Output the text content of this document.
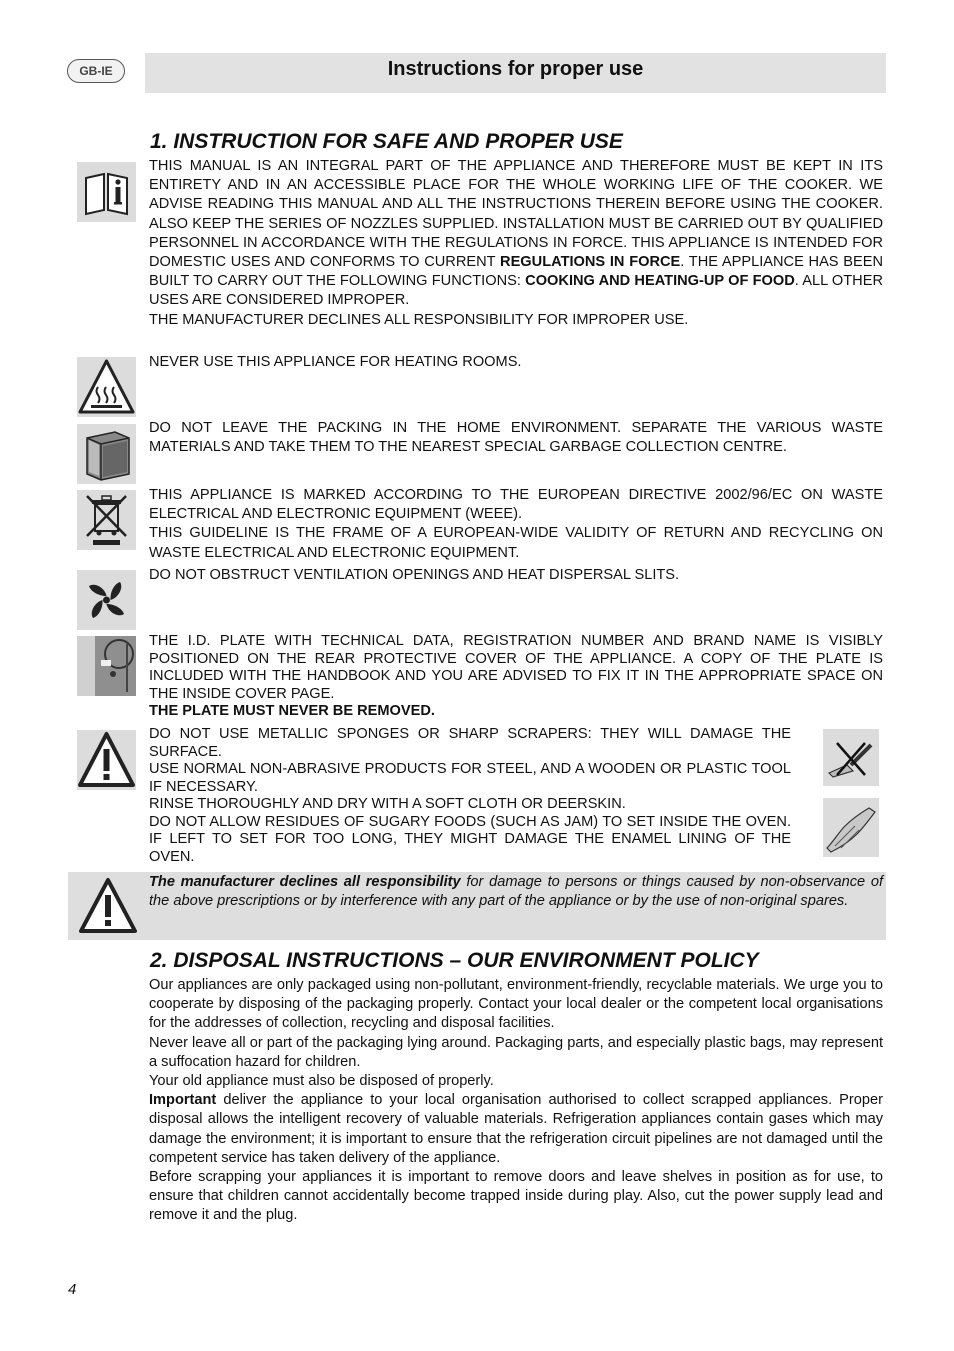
GB-IE	Instructions for proper use
1. INSTRUCTION FOR SAFE AND PROPER USE

THIS MANUAL IS AN INTEGRAL PART OF THE APPLIANCE AND THEREFORE MUST BE KEPT IN ITS ENTIRETY AND IN AN ACCESSIBLE PLACE FOR THE WHOLE WORKING LIFE OF THE COOKER. WE ADVISE READING THIS MANUAL AND ALL THE INSTRUCTIONS THEREIN BEFORE USING THE COOKER. ALSO KEEP THE SERIES OF NOZZLES SUPPLIED. INSTALLATION MUST BE CARRIED OUT BY QUALIFIED PERSONNEL IN ACCORDANCE WITH THE REGULATIONS IN FORCE. THIS APPLIANCE IS INTENDED FOR DOMESTIC USES AND CONFORMS TO CURRENT REGULATIONS IN FORCE. THE APPLIANCE HAS BEEN BUILT TO CARRY OUT THE FOLLOWING FUNCTIONS: COOKING AND HEATING-UP OF FOOD. ALL OTHER USES ARE CONSIDERED IMPROPER.

THE MANUFACTURER DECLINES ALL RESPONSIBILITY FOR IMPROPER USE.

NEVER USE THIS APPLIANCE FOR HEATING ROOMS.
DO NOT LEAVE THE PACKING IN THE HOME ENVIRONMENT. SEPARATE THE VARIOUS WASTE MATERIALS AND TAKE THEM TO THE NEAREST SPECIAL GARBAGE COLLECTION CENTRE.

THIS APPLIANCE IS MARKED ACCORDING TO THE EUROPEAN DIRECTIVE 2002/96/EC ON WASTE ELECTRICAL AND ELECTRONIC EQUIPMENT (WEEE).

THIS GUIDELINE IS THE FRAME OF A EUROPEAN-WIDE VALIDITY OF RETURN AND RECYCLING ON WASTE ELECTRICAL AND ELECTRONIC EQUIPMENT.

DO NOT OBSTRUCT VENTILATION OPENINGS AND HEAT DISPERSAL SLITS.

THE I.D. PLATE WITH TECHNICAL DATA, REGISTRATION NUMBER AND BRAND NAME IS VISIBLY POSITIONED ON THE REAR PROTECTIVE COVER OF THE APPLIANCE. A COPY OF THE PLATE IS INCLUDED WITH THE HANDBOOK AND YOU ARE ADVISED TO FIX IT IN THE APPROPRIATE SPACE ON THE INSIDE COVER PAGE.

THE PLATE MUST NEVER BE REMOVED.

DO NOT USE METALLIC SPONGES OR SHARP SCRAPERS: THEY WILL DAMAGE THE SURFACE.

USE NORMAL NON-ABRASIVE PRODUCTS FOR STEEL, AND A WOODEN OR PLASTIC TOOL IF NECESSARY.

RINSE THOROUGHLY AND DRY WITH A SOFT CLOTH OR DEERSKIN.

DO NOT ALLOW RESIDUES OF SUGARY FOODS (SUCH AS JAM) TO SET INSIDE THE OVEN. IF LEFT TO SET FOR TOO LONG, THEY MIGHT DAMAGE THE ENAMEL LINING OF THE OVEN.

The manufacturer declines all responsibility for damage to persons or things caused by non-observance of the above prescriptions or by interference with any part of the appliance or by the use of non-original spares.
2. DISPOSAL INSTRUCTIONS – OUR ENVIRONMENT POLICY

Our appliances are only packaged using non-pollutant, environment-friendly, recyclable materials. We urge you to cooperate by disposing of the packaging properly. Contact your local dealer or the competent local organisations for the addresses of collection, recycling and disposal facilities.

Never leave all or part of the packaging lying around. Packaging parts, and especially plastic bags, may represent a suffocation hazard for children.

Your old appliance must also be disposed of properly.

Important deliver the appliance to your local organisation authorised to collect scrapped appliances. Proper disposal allows the intelligent recovery of valuable materials. Refrigeration appliances contain gases which may damage the environment; it is important to ensure that the refrigeration circuit pipelines are not damaged until the competent service has taken delivery of the appliance.

Before scrapping your appliances it is important to remove doors and leave shelves in position as for use, to ensure that children cannot accidentally become trapped inside during play. Also, cut the power supply lead and remove it and the plug.

4
